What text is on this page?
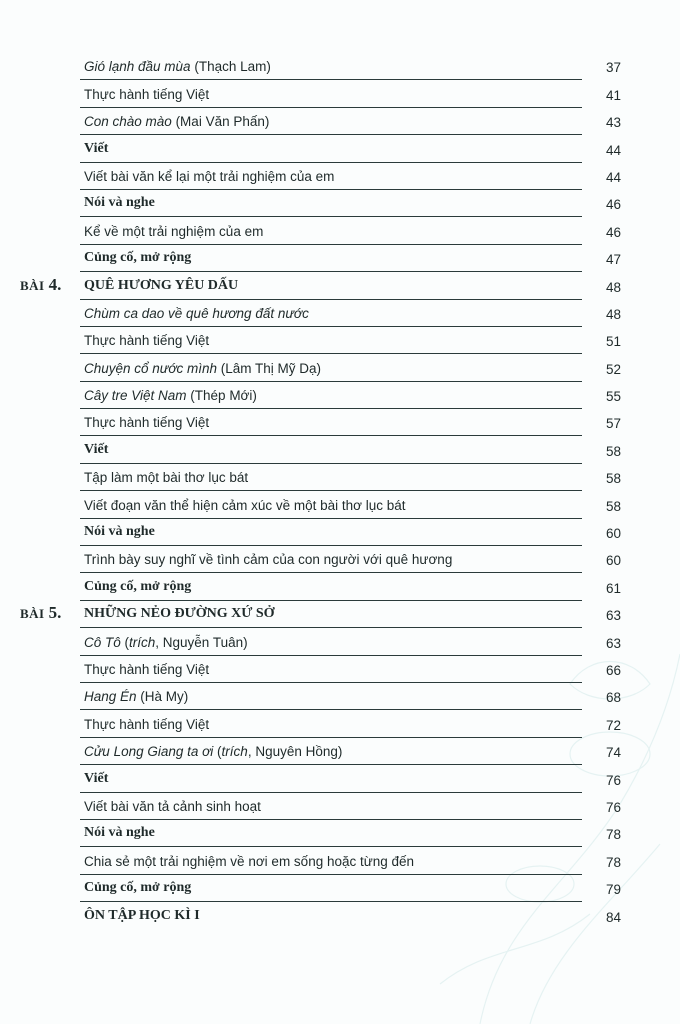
Gió lạnh đầu mùa (Thạch Lam)	37
Thực hành tiếng Việt	41
Con chào mào (Mai Văn Phấn)	43
Viết	44
Viết bài văn kể lại một trải nghiệm của em	44
Nói và nghe	46
Kể về một trải nghiệm của em	46
Củng cố, mở rộng	47
BÀI 4. QUÊ HƯƠNG YÊU DẤU	48
Chùm ca dao về quê hương đất nước	48
Thực hành tiếng Việt	51
Chuyện cổ nước mình (Lâm Thị Mỹ Dạ)	52
Cây tre Việt Nam (Thép Mới)	55
Thực hành tiếng Việt	57
Viết	58
Tập làm một bài thơ lục bát	58
Viết đoạn văn thể hiện cảm xúc về một bài thơ lục bát	58
Nói và nghe	60
Trình bày suy nghĩ về tình cảm của con người với quê hương	60
Củng cố, mở rộng	61
BÀI 5. NHỮNG NẺO ĐƯỜNG XỨ SỞ	63
Cô Tô (trích, Nguyễn Tuân)	63
Thực hành tiếng Việt	66
Hang Én (Hà My)	68
Thực hành tiếng Việt	72
Cửu Long Giang ta ơi (trích, Nguyên Hồng)	74
Viết	76
Viết bài văn tả cảnh sinh hoạt	76
Nói và nghe	78
Chia sẻ một trải nghiệm về nơi em sống hoặc từng đến	78
Củng cố, mở rộng	79
ÔN TẬP HỌC KÌ I	84
